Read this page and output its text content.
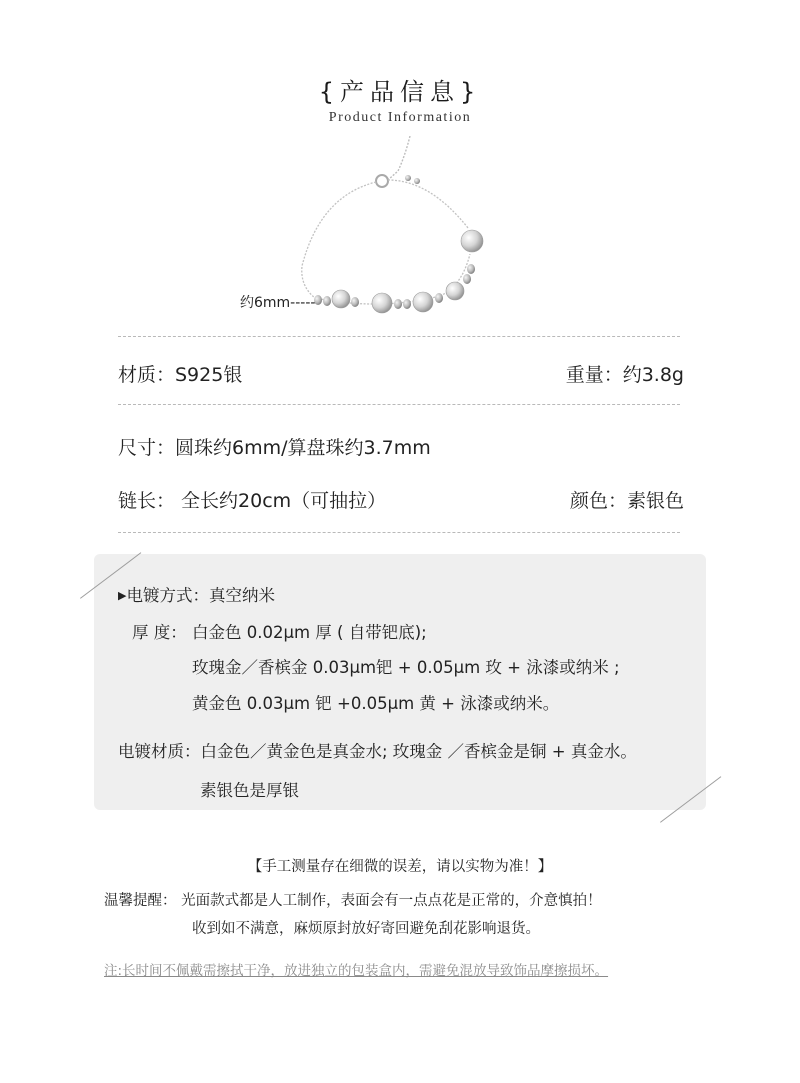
{产品信息}
Product Information
约6mm-----
材质：S925银	重量：约3.8g
尺寸：圆珠约6mm/算盘珠约3.7mm
链长： 全长约20cm（可抽拉）	颜色：素银色
▶电镀方式：真空纳米
厚 度： 白金色 0.02μm 厚 ( 自带钯底);
玫瑰金／香槟金 0.03μm钯 + 0.05μm 玫 + 泳漆或纳米 ;
黄金色 0.03μm 钯 +0.05μm 黄 + 泳漆或纳米。
电镀材质：白金色／黄金色是真金水; 玫瑰金 ／香槟金是铜 + 真金水。
素银色是厚银
【手工测量存在细微的误差，请以实物为准！】
温馨提醒： 光面款式都是人工制作，表面会有一点点花是正常的，介意慎拍！
收到如不满意，麻烦原封放好寄回避免刮花影响退货。
注:长时间不佩戴需擦拭干净，放进独立的包装盒内，需避免混放导致饰品摩擦损坏。
